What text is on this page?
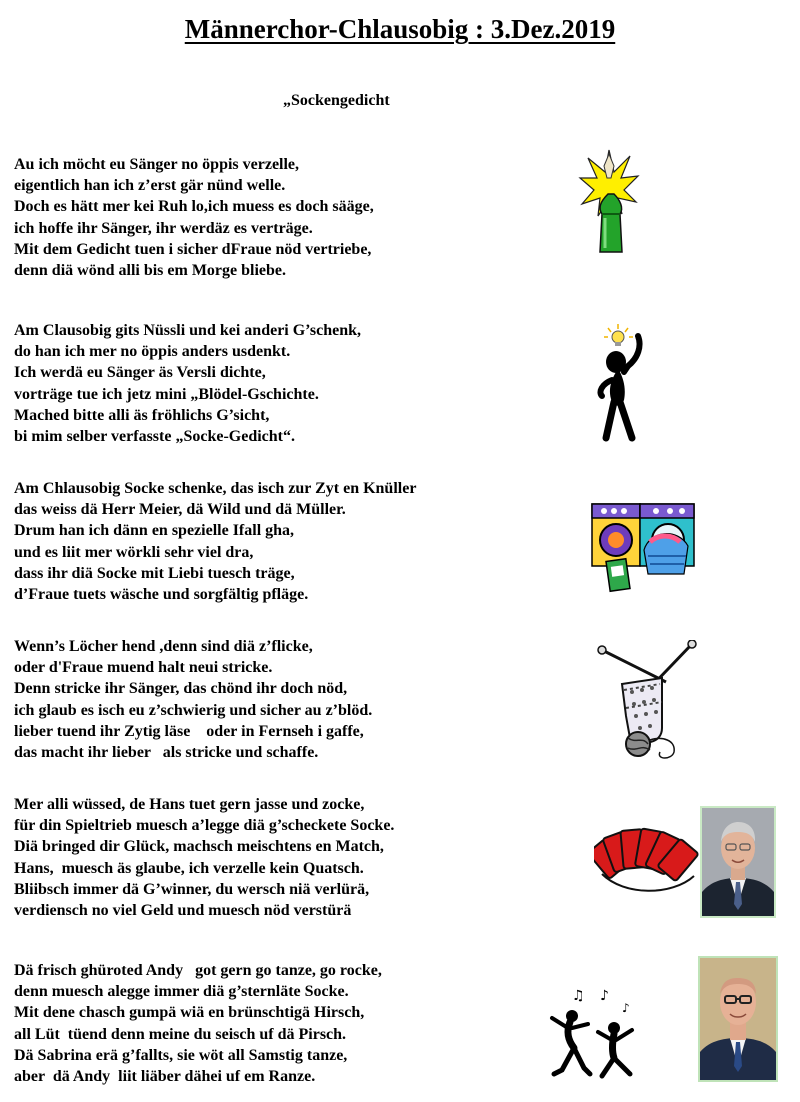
Männerchor-Chlausobig : 3.Dez.2019

„Sockengedicht

Au ich möcht eu Sänger no öppis verzelle,
eigentlich han ich z’erst gär nünd welle.
Doch es hätt mer kei Ruh lo,ich muess es doch sääge,
ich hoffe ihr Sänger, ihr werdäz es verträge.
Mit dem Gedicht tuen i sicher dFraue nöd vertriebe,
denn diä wönd alli bis em Morge bliebe.
Am Clausobig gits Nüssli und kei anderi G’schenk,
do han ich mer no öppis anders usdenkt.
Ich werdä eu Sänger äs Versli dichte,
vorträge tue ich jetz mini „Blödel-Gschichte.
Mached bitte alli äs fröhlichs G’sicht,
bi mim selber verfasste „Socke-Gedicht“.
Am Chlausobig Socke schenke, das isch zur Zyt en Knüller
das weiss dä Herr Meier, dä Wild und dä Müller.
Drum han ich dänn en spezielle Ifall gha,
und es liit mer wörkli sehr viel dra,
dass ihr diä Socke mit Liebi tuesch träge,
d’Fraue tuets wäsche und sorgfältig pfläge.
Wenn’s Löcher hend ,denn sind diä z’flicke,
oder d'Fraue muend halt neui stricke.
Denn stricke ihr Sänger, das chönd ihr doch nöd,
ich glaub es isch eu z’schwierig und sicher au z’blöd.
lieber tuend ihr Zytig läse    oder in Fernseh i gaffe,
das macht ihr lieber   als stricke und schaffe.
Mer alli wüssed, de Hans tuet gern jasse und zocke,
für din Spieltrieb muesch a’legge diä g’scheckete Socke.
Diä bringed dir Glück, machsch meischtens en Match,
Hans,  muesch äs glaube, ich verzelle kein Quatsch.
Bliibsch immer dä G’winner, du wersch niä verlürä,
verdiensch no viel Geld und muesch nöd verstürä
Dä frisch ghüroted Andy   got gern go tanze, go rocke,
denn muesch alegge immer diä g’sternläte Socke.
Mit dene chasch gumpä wiä en brünschtigä Hirsch,
all Lüt  tüend denn meine du seisch uf dä Pirsch.
Dä Sabrina erä g’fallts, sie wöt all Samstig tanze,
aber  dä Andy  liit liäber dähei uf em Ranze.
♫ ♪
♪
